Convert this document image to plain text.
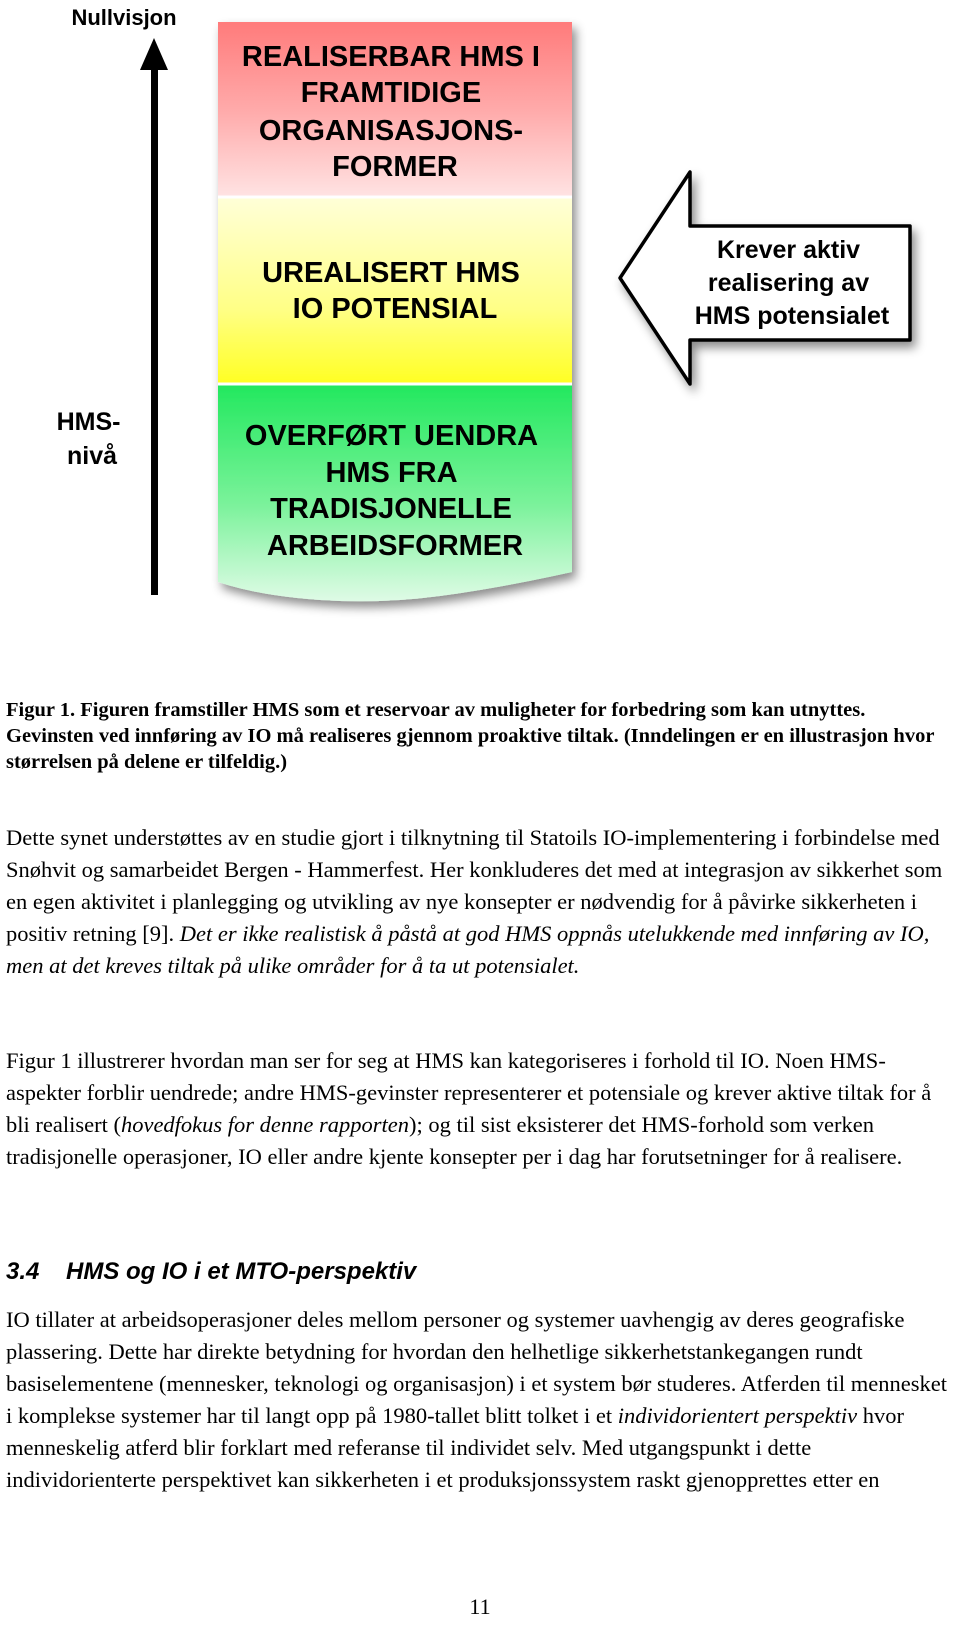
Nullvisjon
HMS- nivå
REALISERBAR HMS I FRAMTIDIGE ORGANISASJONS- FORMER
UREALISERT HMS IO POTENSIAL
OVERFØRT UENDRA HMS FRA TRADISJONELLE ARBEIDSFORMER
Krever aktiv realisering av HMS potensialet
Figur 1. Figuren framstiller HMS som et reservoar av muligheter for forbedring som kan utnyttes. Gevinsten ved innføring av IO må realiseres gjennom proaktive tiltak. (Inndelingen er en illustrasjon hvor størrelsen på delene er tilfeldig.)
Dette synet understøttes av en studie gjort i tilknytning til Statoils IO-implementering i forbindelse med Snøhvit og samarbeidet Bergen - Hammerfest. Her konkluderes det med at integrasjon av sikkerhet som en egen aktivitet i planlegging og utvikling av nye konsepter er nødvendig for å påvirke sikkerheten i positiv retning [9]. Det er ikke realistisk å påstå at god HMS oppnås utelukkende med innføring av IO, men at det kreves tiltak på ulike områder for å ta ut potensialet.
Figur 1 illustrerer hvordan man ser for seg at HMS kan kategoriseres i forhold til IO. Noen HMS-aspekter forblir uendrede; andre HMS-gevinster representerer et potensiale og krever aktive tiltak for å bli realisert (hovedfokus for denne rapporten); og til sist eksisterer det HMS-forhold som verken tradisjonelle operasjoner, IO eller andre kjente konsepter per i dag har forutsetninger for å realisere.
3.4 HMS og IO i et MTO-perspektiv
IO tillater at arbeidsoperasjoner deles mellom personer og systemer uavhengig av deres geografiske plassering. Dette har direkte betydning for hvordan den helhetlige sikkerhetstankegangen rundt basiselementene (mennesker, teknologi og organisasjon) i et system bør studeres. Atferden til mennesket i komplekse systemer har til langt opp på 1980-tallet blitt tolket i et individorientert perspektiv hvor menneskelig atferd blir forklart med referanse til individet selv. Med utgangspunkt i dette individorienterte perspektivet kan sikkerheten i et produksjonssystem raskt gjenopprettes etter en
11
